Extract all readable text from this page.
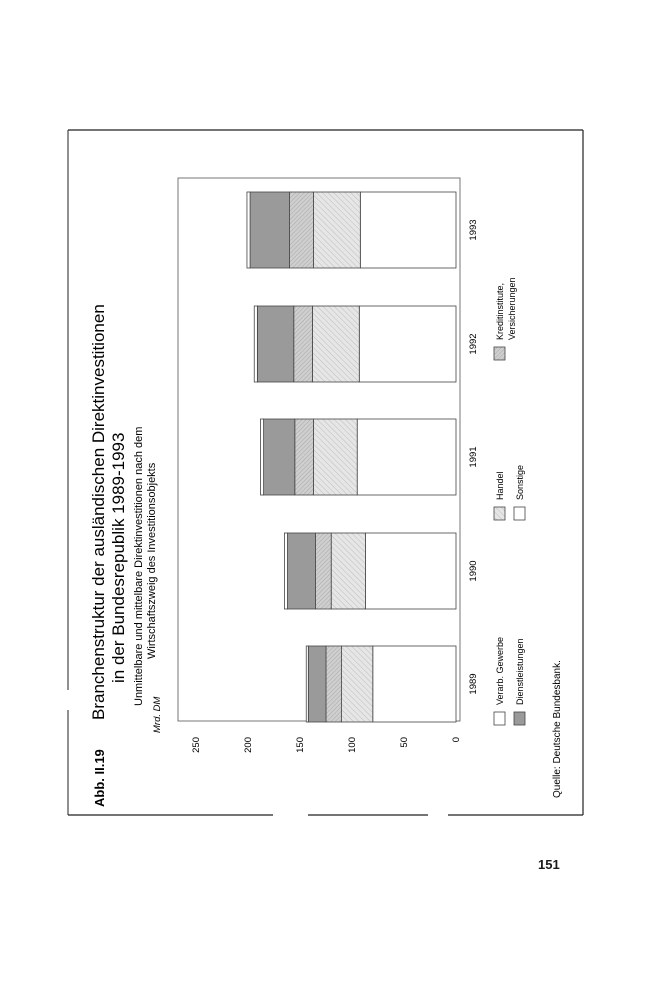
Abb. II.19
Branchenstruktur der ausländischen Direktinvestitionen in der Bundesrepublik 1989-1993 Unmittelbare und mittelbare Direktinvestitionen nach dem Wirtschaftszweig des Investitionsobjekts
Mrd. DM
0
50
100
150
200
250
1989
1990
1991
1992
1993
Verarb. Gewerbe
Handel
Kreditinstitute, Versicherungen
Dienstleistungen
Sonstige
Quelle: Deutsche Bundesbank.
151
